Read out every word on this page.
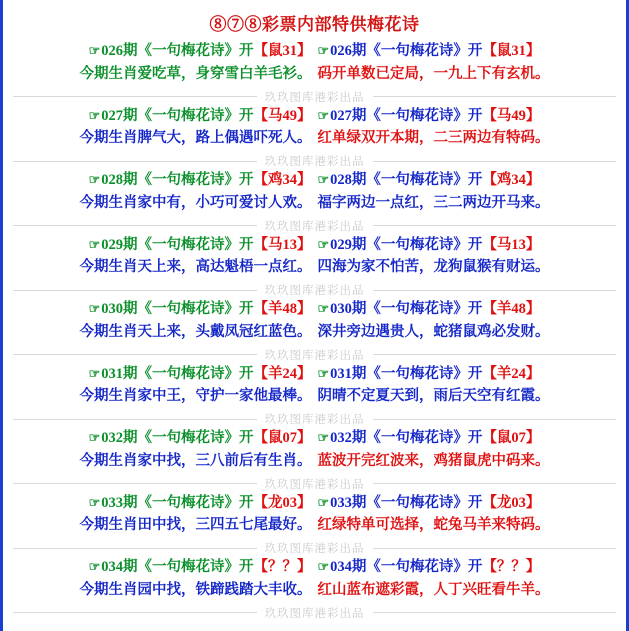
⑧⑦⑧彩票内部特供梅花诗
☞026期《一句梅花诗》开【鼠31】 ☞026期《一句梅花诗》开【鼠31】
今期生肖爱吃草，身穿雪白羊毛衫。 码开单数已定局，一九上下有玄机。
玖玖图库港彩出品
☞027期《一句梅花诗》开【马49】 ☞027期《一句梅花诗》开【马49】
今期生肖脾气大，路上偶遇吓死人。 红单绿双开本期，二三两边有特码。
玖玖图库港彩出品
☞028期《一句梅花诗》开【鸡34】 ☞028期《一句梅花诗》开【鸡34】
今期生肖家中有，小巧可爱讨人欢。 福字两边一点红，三二两边开马来。
玖玖图库港彩出品
☞029期《一句梅花诗》开【马13】 ☞029期《一句梅花诗》开【马13】
今期生肖天上来，高达魁梧一点红。 四海为家不怕苦，龙狗鼠猴有财运。
玖玖图库港彩出品
☞030期《一句梅花诗》开【羊48】 ☞030期《一句梅花诗》开【羊48】
今期生肖天上来，头戴凤冠红蓝色。 深井旁边遇贵人，蛇猪鼠鸡必发财。
玖玖图库港彩出品
☞031期《一句梅花诗》开【羊24】 ☞031期《一句梅花诗》开【羊24】
今期生肖家中王，守护一家他最棒。 阴晴不定夏天到，雨后天空有红霞。
玖玖图库港彩出品
☞032期《一句梅花诗》开【鼠07】 ☞032期《一句梅花诗》开【鼠07】
今期生肖家中找，三八前后有生肖。 蓝波开完红波来，鸡猪鼠虎中码来。
玖玖图库港彩出品
☞033期《一句梅花诗》开【龙03】 ☞033期《一句梅花诗》开【龙03】
今期生肖田中找，三四五七尾最好。 红绿特单可选择，蛇兔马羊来特码。
玖玖图库港彩出品
☞034期《一句梅花诗》开【？？】 ☞034期《一句梅花诗》开【？？】
今期生肖园中找，铁蹄践踏大丰收。 红山蓝布遮彩霞，人丁兴旺看牛羊。
玖玖图库港彩出品
